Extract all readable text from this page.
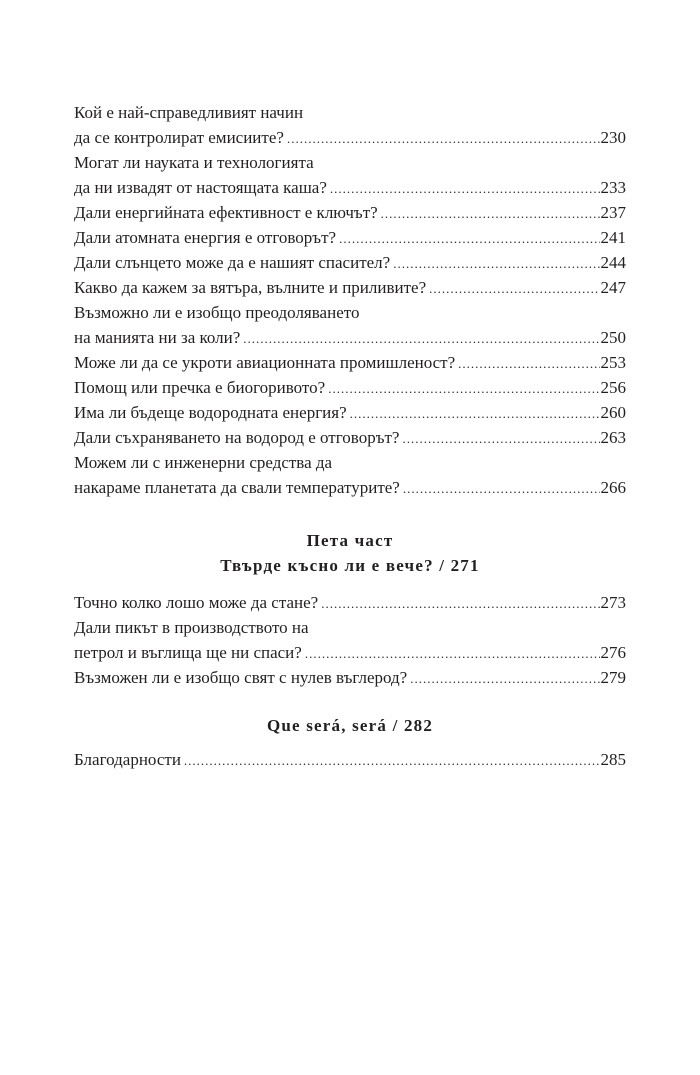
Кой е най-справедливият начин
да се контролират емисиите? .....	230
Могат ли науката и технологията
да ни извадят от настоящата каша? .....	233
Дали енергийната ефективност е ключът? .....	237
Дали атомната енергия е отговорът? .....	241
Дали слънцето може да е нашият спасител? .....	244
Какво да кажем за вятъра, вълните и приливите? .....	247
Възможно ли е изобщо преодоляването
на манията ни за коли? .....	250
Може ли да се укроти авиационната промишленост? .....	253
Помощ или пречка е биогоривото? .....	256
Има ли бъдеще водородната енергия? .....	260
Дали съхраняването на водород е отговорът? .....	263
Можем ли с инженерни средства да
накараме планетата да свали температурите? .....	266
Пета част
Твърде късно ли е вече? / 271
Точно колко лошо може да стане? .....	273
Дали пикът в производството на
петрол и въглища ще ни спаси? .....	276
Възможен ли е изобщо свят с нулев въглерод? .....	279
Que será, será / 282
Благодарности .....	285
